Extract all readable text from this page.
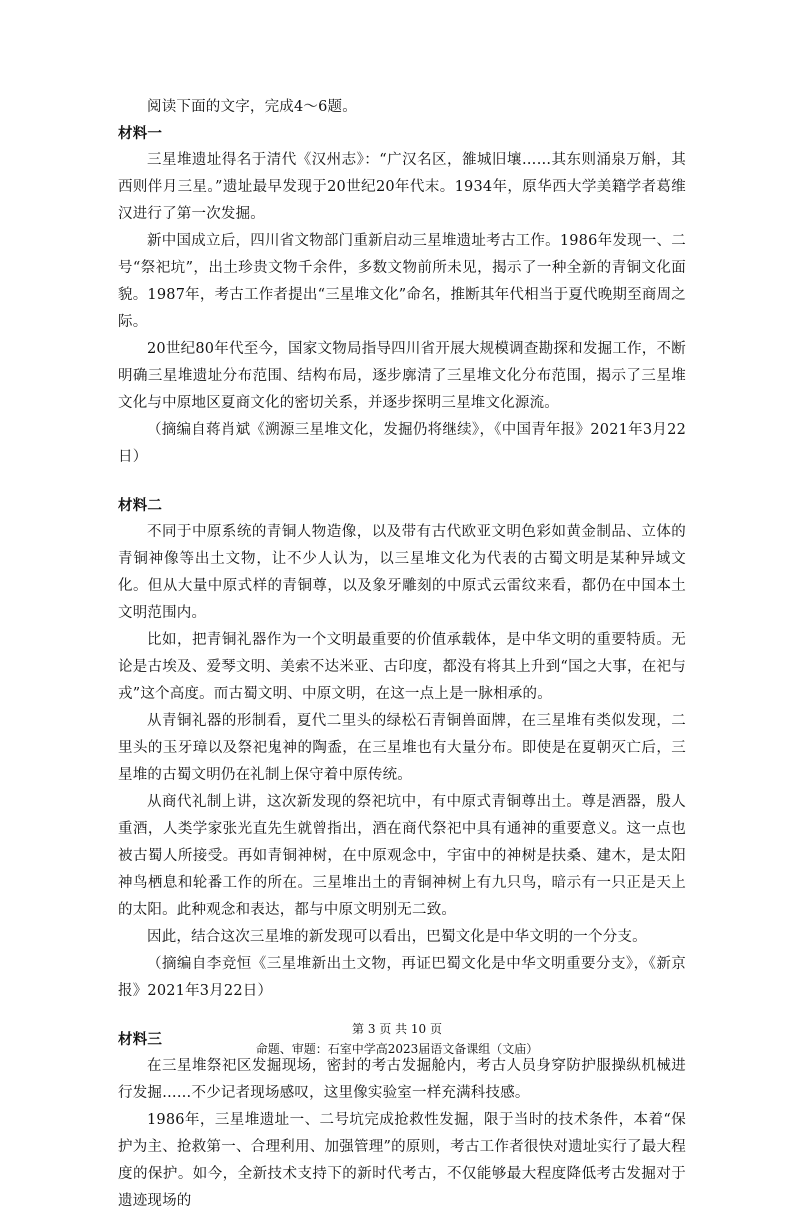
阅读下面的文字，完成4～6题。

材料一

三星堆遗址得名于清代《汉州志》：“广汉名区，雒城旧壤……其东则涌泉万斛，其西则伴月三星。”遗址最早发现于20世纪20年代末。1934年，原华西大学美籍学者葛维汉进行了第一次发掘。

新中国成立后，四川省文物部门重新启动三星堆遗址考古工作。1986年发现一、二号“祭祀坑”，出土珍贵文物千余件，多数文物前所未见，揭示了一种全新的青铜文化面貌。1987年，考古工作者提出“三星堆文化”命名，推断其年代相当于夏代晚期至商周之际。

20世纪80年代至今，国家文物局指导四川省开展大规模调查勘探和发掘工作，不断明确三星堆遗址分布范围、结构布局，逐步廓清了三星堆文化分布范围，揭示了三星堆文化与中原地区夏商文化的密切关系，并逐步探明三星堆文化源流。

（摘编自蒋肖斌《溯源三星堆文化，发掘仍将继续》，《中国青年报》2021年3月22日）

材料二

不同于中原系统的青铜人物造像，以及带有古代欧亚文明色彩如黄金制品、立体的青铜神像等出土文物，让不少人认为，以三星堆文化为代表的古蜀文明是某种异域文化。但从大量中原式样的青铜尊，以及象牙雕刻的中原式云雷纹来看，都仍在中国本土文明范围内。

比如，把青铜礼器作为一个文明最重要的价值承载体，是中华文明的重要特质。无论是古埃及、爱琴文明、美索不达米亚、古印度，都没有将其上升到“国之大事，在祀与戎”这个高度。而古蜀文明、中原文明，在这一点上是一脉相承的。

从青铜礼器的形制看，夏代二里头的绿松石青铜兽面牌，在三星堆有类似发现，二里头的玉牙璋以及祭祀鬼神的陶盉，在三星堆也有大量分布。即使是在夏朝灭亡后，三星堆的古蜀文明仍在礼制上保守着中原传统。

从商代礼制上讲，这次新发现的祭祀坑中，有中原式青铜尊出土。尊是酒器，殷人重酒，人类学家张光直先生就曾指出，酒在商代祭祀中具有通神的重要意义。这一点也被古蜀人所接受。再如青铜神树，在中原观念中，宇宙中的神树是扶桑、建木，是太阳神鸟栖息和轮番工作的所在。三星堆出土的青铜神树上有九只鸟，暗示有一只正是天上的太阳。此种观念和表达，都与中原文明别无二致。

因此，结合这次三星堆的新发现可以看出，巴蜀文化是中华文明的一个分支。

（摘编自李竞恒《三星堆新出土文物，再证巴蜀文化是中华文明重要分支》，《新京报》2021年3月22日）

材料三

在三星堆祭祀区发掘现场，密封的考古发掘舱内，考古人员身穿防护服操纵机械进行发掘……不少记者现场感叹，这里像实验室一样充满科技感。

1986年，三星堆遗址一、二号坑完成抢救性发掘，限于当时的技术条件，本着“保护为主、抢救第一、合理利用、加强管理”的原则，考古工作者很快对遗址实行了最大程度的保护。如今，全新技术支持下的新时代考古，不仅能够最大程度降低考古发掘对于遗迹现场的

第 3 页 共 10 页
命题、审题：石室中学高2023届语文备课组（文庙）
